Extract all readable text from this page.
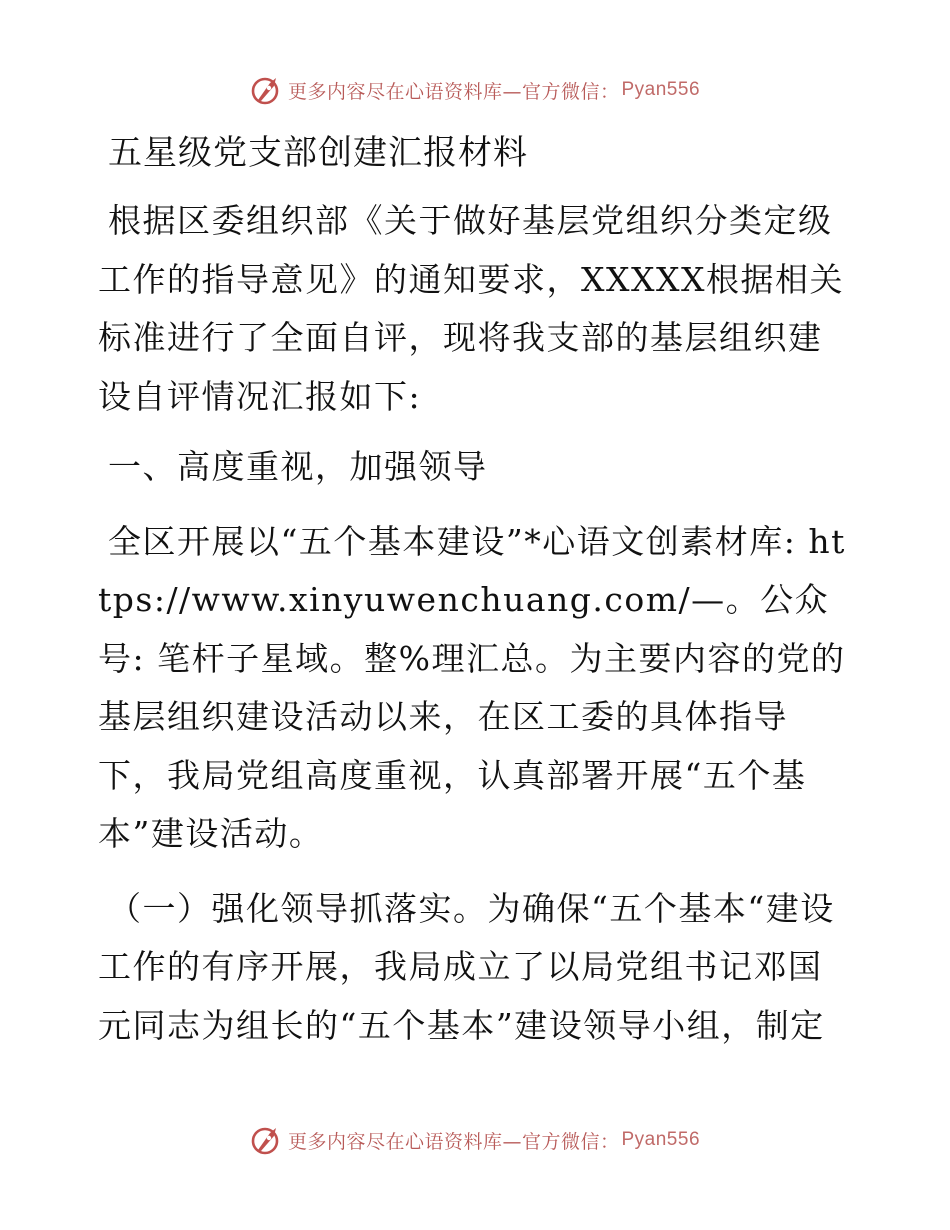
更多内容尽在心语资料库—官方微信： Pyan556
五星级党支部创建汇报材料

根据区委组织部《关于做好基层党组织分类定级工作的指导意见》的通知要求，XXXXX根据相关标准进行了全面自评，现将我支部的基层组织建设自评情况汇报如下:

一、高度重视，加强领导

全区开展以“五个基本建设”*心语文创素材库: https://www.xinyuwenchuang.com/—。公众号: 笔杆子星域。整%理汇总。为主要内容的党的基层组织建设活动以来，在区工委的具体指导下，我局党组高度重视，认真部署开展“五个基本”建设活动。

（一）强化领导抓落实。为确保“五个基本“建设工作的有序开展，我局成立了以局党组书记邓国元同志为组长的“五个基本”建设领导小组，制定

更多内容尽在心语资料库—官方微信： Pyan556
